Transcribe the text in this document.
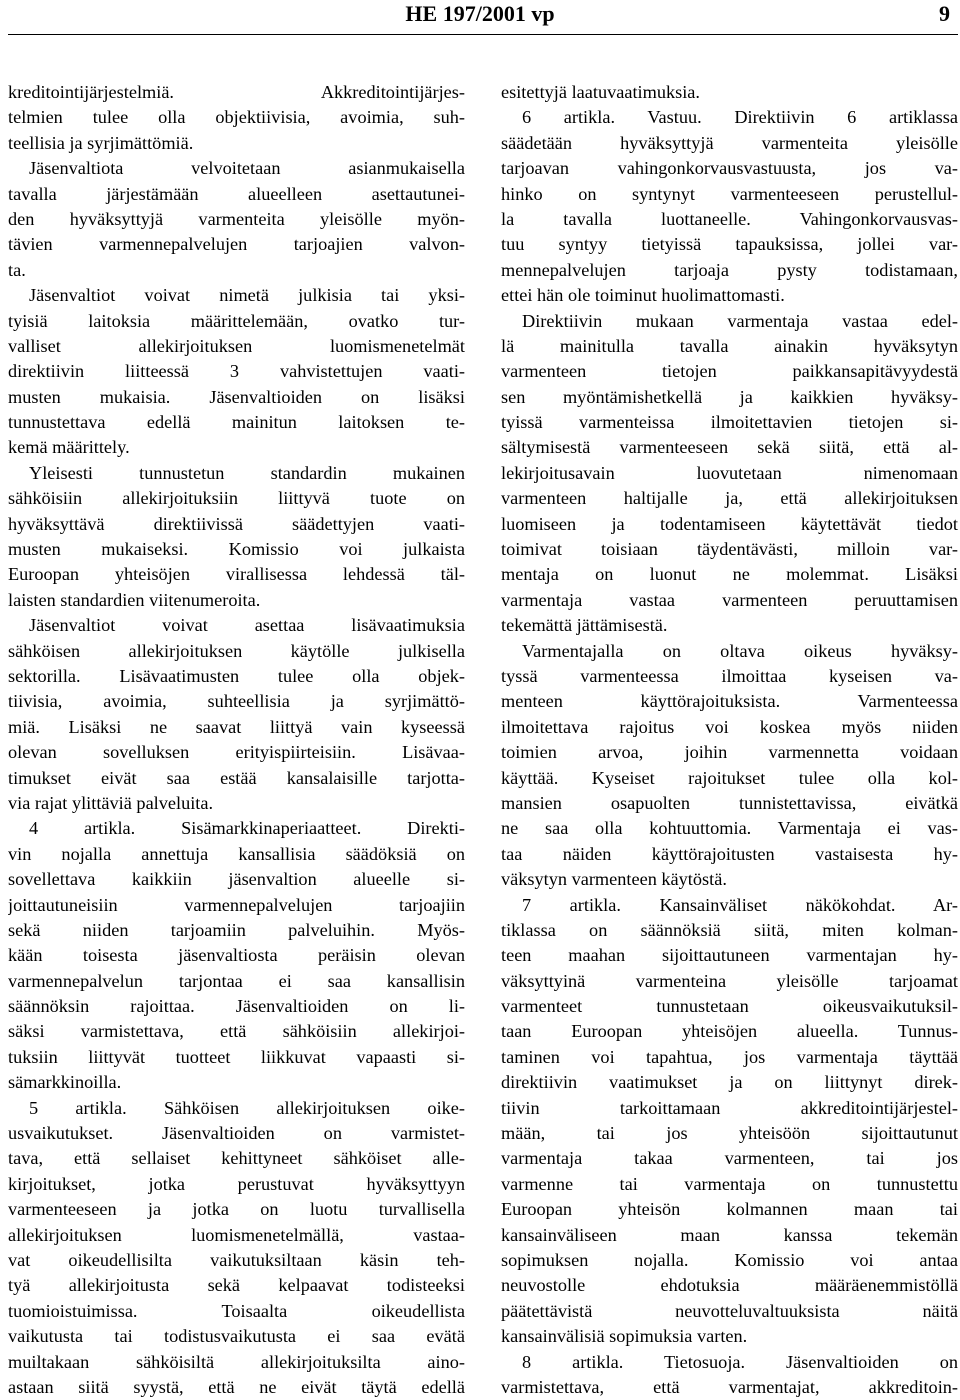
HE 197/2001 vp	9
kreditointijärjestelmiä. Akkreditointijärjes-
telmien tulee olla objektiivisia, avoimia, suh-
teellisia ja syrjimättömiä.
Jäsenvaltiota velvoitetaan asianmukaisella
tavalla järjestämään alueelleen asettautunei-
den hyväksyttyjä varmenteita yleisölle myön-
tävien varmennepalvelujen tarjoajien valvon-
ta.
Jäsenvaltiot voivat nimetä julkisia tai yksi-
tyisiä laitoksia määrittelemään, ovatko tur-
valliset allekirjoituksen luomismenetelmät
direktiivin liitteessä 3 vahvistettujen vaati-
musten mukaisia. Jäsenvaltioiden on lisäksi
tunnustettava edellä mainitun laitoksen te-
kemä määrittely.
Yleisesti tunnustetun standardin mukainen
sähköisiin allekirjoituksiin liittyvä tuote on
hyväksyttävä direktiivissä säädettyjen vaati-
musten mukaiseksi. Komissio voi julkaista
Euroopan yhteisöjen virallisessa lehdessä täl-
laisten standardien viitenumeroita.
Jäsenvaltiot voivat asettaa lisävaatimuksia
sähköisen allekirjoituksen käytölle julkisella
sektorilla. Lisävaatimusten tulee olla objek-
tiivisia, avoimia, suhteellisia ja syrjimättö-
miä. Lisäksi ne saavat liittyä vain kyseessä
olevan sovelluksen erityispiirteisiin. Lisävaa-
timukset eivät saa estää kansalaisille tarjotta-
via rajat ylittäviä palveluita.
4 artikla. Sisämarkkinaperiaatteet. Direkti-
vin nojalla annettuja kansallisia säädöksiä on
sovellettava kaikkiin jäsenvaltion alueelle si-
joittautuneisiin varmennepalvelujen tarjoajiin
sekä niiden tarjoamiin palveluihin. Myös-
kään toisesta jäsenvaltiosta peräisin olevan
varmennepalvelun tarjontaa ei saa kansallisin
säännöksin rajoittaa. Jäsenvaltioiden on li-
säksi varmistettava, että sähköisiin allekirjoi-
tuksiin liittyvät tuotteet liikkuvat vapaasti si-
sämarkkinoilla.
5 artikla. Sähköisen allekirjoituksen oike-
usvaikutukset. Jäsenvaltioiden on varmistet-
tava, että sellaiset kehittyneet sähköiset alle-
kirjoitukset, jotka perustuvat hyväksyttyyn
varmenteeseen ja jotka on luotu turvallisella
allekirjoituksen luomismenetelmällä, vastaa-
vat oikeudellisilta vaikutuksiltaan käsin teh-
tyä allekirjoitusta sekä kelpaavat todisteeksi
tuomioistuimissa. Toisaalta oikeudellista
vaikutusta tai todistusvaikutusta ei saa evätä
muiltakaan sähköisiltä allekirjoituksilta aino-
astaan siitä syystä, että ne eivät täytä edellä
esitettyjä laatuvaatimuksia.
6 artikla. Vastuu. Direktiivin 6 artiklassa
säädetään hyväksyttyjä varmenteita yleisölle
tarjoavan vahingonkorvausvastuusta, jos va-
hinko on syntynyt varmenteeseen perustellul-
la tavalla luottaneelle. Vahingonkorvausvas-
tuu syntyy tietyissä tapauksissa, jollei var-
mennepalvelujen tarjoaja pysty todistamaan,
ettei hän ole toiminut huolimattomasti.
Direktiivin mukaan varmentaja vastaa edel-
lä mainitulla tavalla ainakin hyväksytyn
varmenteen tietojen paikkansapitävyydestä
sen myöntämishetkellä ja kaikkien hyväksy-
tyissä varmenteissa ilmoitettavien tietojen si-
sältymisestä varmenteeseen sekä siitä, että al-
lekirjoitusavain luovutetaan nimenomaan
varmenteen haltijalle ja, että allekirjoituksen
luomiseen ja todentamiseen käytettävät tiedot
toimivat toisiaan täydentävästi, milloin var-
mentaja on luonut ne molemmat. Lisäksi
varmentaja vastaa varmenteen peruuttamisen
tekemättä jättämisestä.
Varmentajalla on oltava oikeus hyväksy-
tyssä varmenteessa ilmoittaa kyseisen va-
menteen käyttörajoituksista. Varmenteessa
ilmoitettava rajoitus voi koskea myös niiden
toimien arvoa, joihin varmennetta voidaan
käyttää. Kyseiset rajoitukset tulee olla kol-
mansien osapuolten tunnistettavissa, eivätkä
ne saa olla kohtuuttomia. Varmentaja ei vas-
taa näiden käyttörajoitusten vastaisesta hy-
väksytyn varmenteen käytöstä.
7 artikla. Kansainväliset näkökohdat. Ar-
tiklassa on säännöksiä siitä, miten kolman-
teen maahan sijoittautuneen varmentajan hy-
väksyttyinä varmenteina yleisölle tarjoamat
varmenteet tunnustetaan oikeusvaikutuksil-
taan Euroopan yhteisöjen alueella. Tunnus-
taminen voi tapahtua, jos varmentaja täyttää
direktiivin vaatimukset ja on liittynyt direk-
tiivin tarkoittamaan akkreditointijärjestel-
mään, tai jos yhteisöön sijoittautunut
varmentaja takaa varmenteen, tai jos
varmenne tai varmentaja on tunnustettu
Euroopan yhteisön kolmannen maan tai
kansainväliseen maan kanssa tekemän
sopimuksen nojalla. Komissio voi antaa
neuvostolle ehdotuksia määräenemmistöllä
päätettävistä neuvotteluvaltuuksista näitä
kansainvälisiä sopimuksia varten.
8 artikla. Tietosuoja. Jäsenvaltioiden on
varmistettava, että varmentajat, akkreditoin-
